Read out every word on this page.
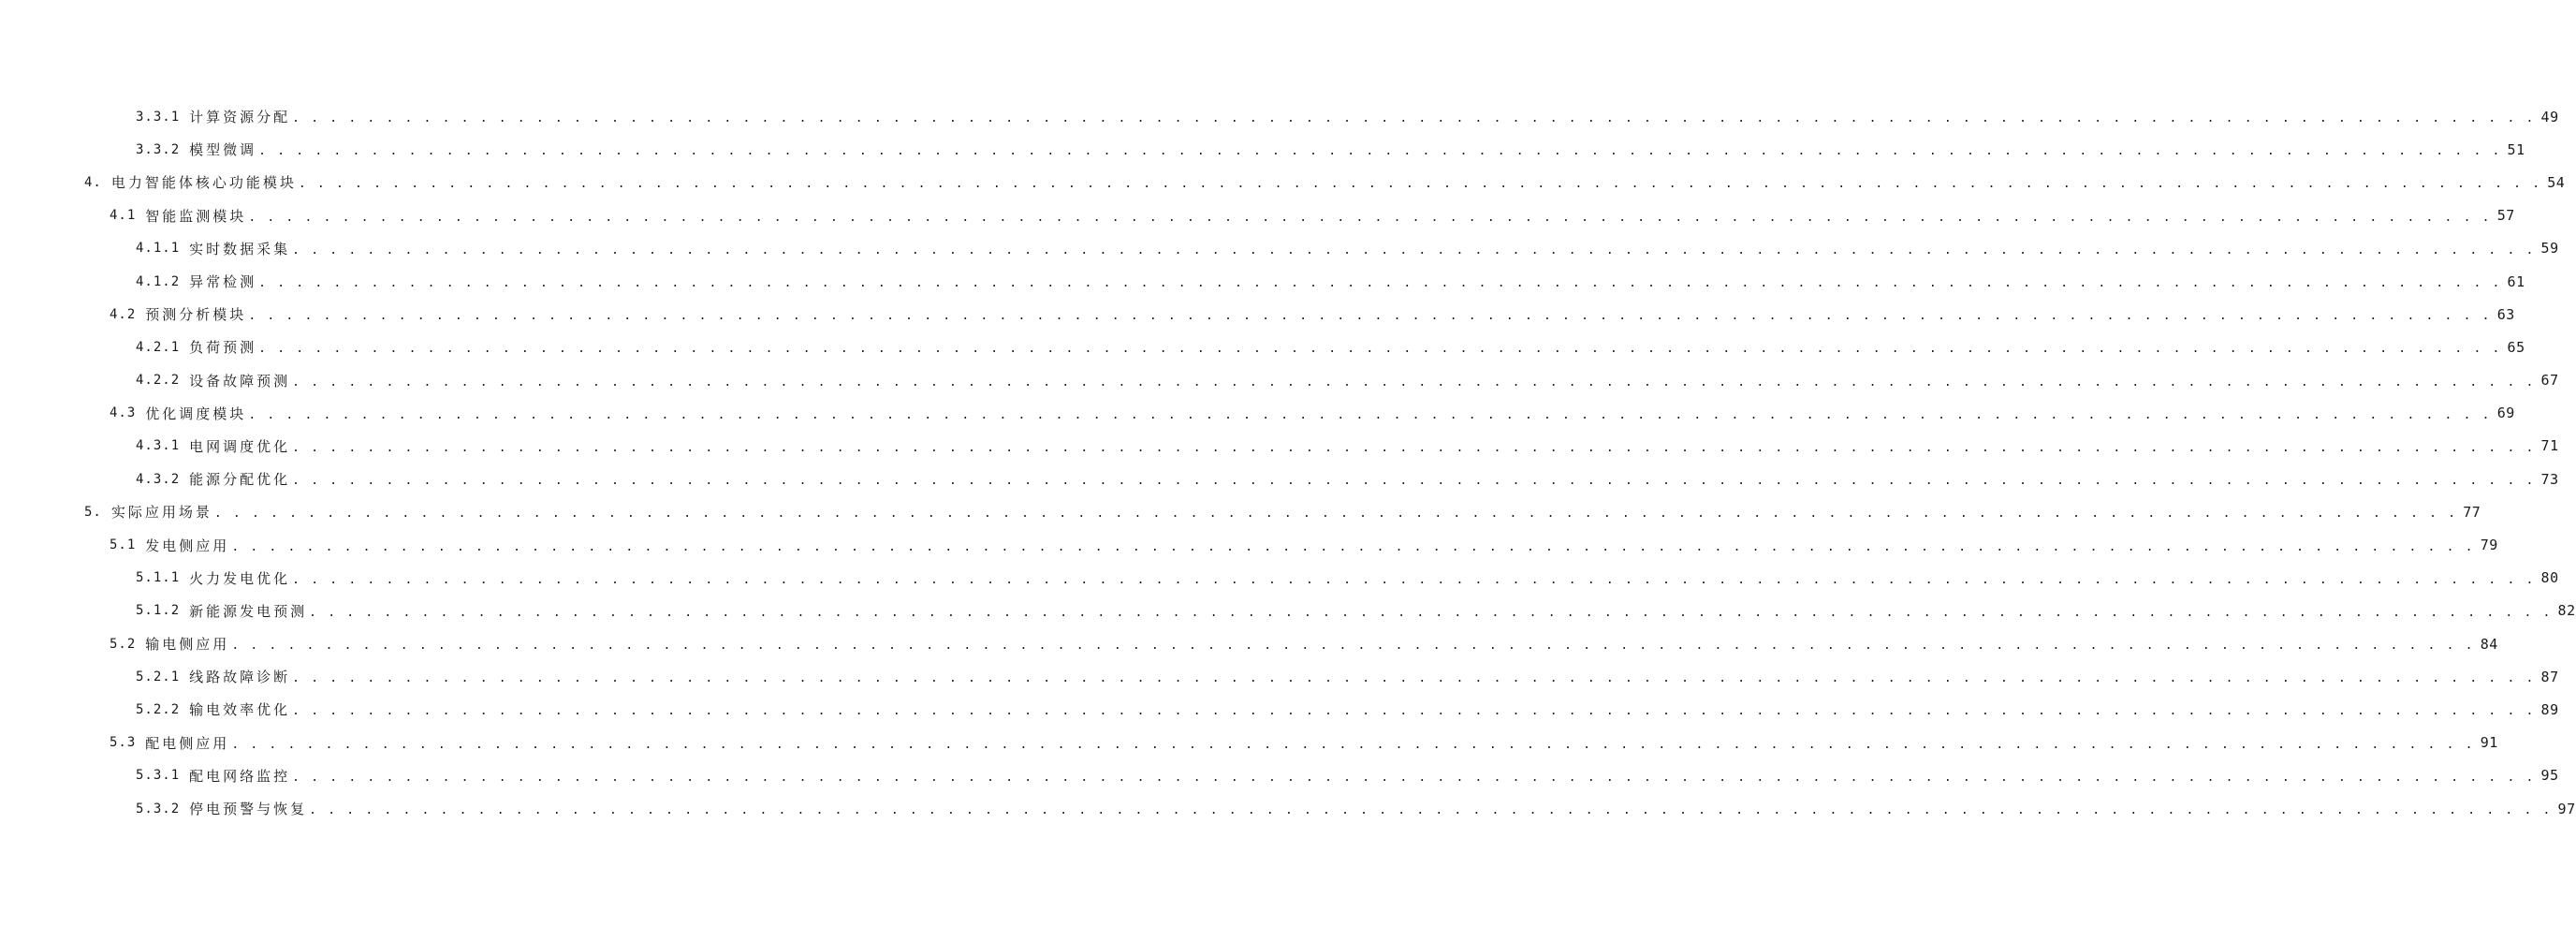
3.3.1 计算资源分配 . . . . . . . . . . . . . . . . . . . . . . . . . . . . . . . . . . . . . . . . . . . . . . . . . . . . . . . . . . . . . . . . . . . . . . . . . . . . . . . . . . . . . . . . . . . . . . . . . . . . . . . . . . . . . . . . . . . . . . . . 49
3.3.2 模型微调 . . . . . . . . . . . . . . . . . . . . . . . . . . . . . . . . . . . . . . . . . . . . . . . . . . . . . . . . . . . . . . . . . . . . . . . . . . . . . . . . . . . . . . . . . . . . . . . . . . . . . . . . . . . . . . . . . . . . . . . . 51
4. 电力智能体核心功能模块 . . . . . . . . . . . . . . . . . . . . . . . . . . . . . . . . . . . . . . . . . . . . . . . . . . . . . . . . . . . . . . . . . . . . . . . . . . . . . . . . . . . . . . . . . . . . . . . . . . . . . . . . . . . . . . . . . . . . . . . . 54
4.1 智能监测模块 . . . . . . . . . . . . . . . . . . . . . . . . . . . . . . . . . . . . . . . . . . . . . . . . . . . . . . . . . . . . . . . . . . . . . . . . . . . . . . . . . . . . . . . . . . . . . . . . . . . . . . . . . . . . . . . . . . . . . . . . 57
4.1.1 实时数据采集 . . . . . . . . . . . . . . . . . . . . . . . . . . . . . . . . . . . . . . . . . . . . . . . . . . . . . . . . . . . . . . . . . . . . . . . . . . . . . . . . . . . . . . . . . . . . . . . . . . . . . . . . . . . . . . . . . . . . . . . . 59
4.1.2 异常检测 . . . . . . . . . . . . . . . . . . . . . . . . . . . . . . . . . . . . . . . . . . . . . . . . . . . . . . . . . . . . . . . . . . . . . . . . . . . . . . . . . . . . . . . . . . . . . . . . . . . . . . . . . . . . . . . . . . . . . . . . 61
4.2 预测分析模块 . . . . . . . . . . . . . . . . . . . . . . . . . . . . . . . . . . . . . . . . . . . . . . . . . . . . . . . . . . . . . . . . . . . . . . . . . . . . . . . . . . . . . . . . . . . . . . . . . . . . . . . . . . . . . . . . . . . . . . . . 63
4.2.1 负荷预测 . . . . . . . . . . . . . . . . . . . . . . . . . . . . . . . . . . . . . . . . . . . . . . . . . . . . . . . . . . . . . . . . . . . . . . . . . . . . . . . . . . . . . . . . . . . . . . . . . . . . . . . . . . . . . . . . . . . . . . . . 65
4.2.2 设备故障预测 . . . . . . . . . . . . . . . . . . . . . . . . . . . . . . . . . . . . . . . . . . . . . . . . . . . . . . . . . . . . . . . . . . . . . . . . . . . . . . . . . . . . . . . . . . . . . . . . . . . . . . . . . . . . . . . . . . . . . . . . 67
4.3 优化调度模块 . . . . . . . . . . . . . . . . . . . . . . . . . . . . . . . . . . . . . . . . . . . . . . . . . . . . . . . . . . . . . . . . . . . . . . . . . . . . . . . . . . . . . . . . . . . . . . . . . . . . . . . . . . . . . . . . . . . . . . . . 69
4.3.1 电网调度优化 . . . . . . . . . . . . . . . . . . . . . . . . . . . . . . . . . . . . . . . . . . . . . . . . . . . . . . . . . . . . . . . . . . . . . . . . . . . . . . . . . . . . . . . . . . . . . . . . . . . . . . . . . . . . . . . . . . . . . . . . 71
4.3.2 能源分配优化 . . . . . . . . . . . . . . . . . . . . . . . . . . . . . . . . . . . . . . . . . . . . . . . . . . . . . . . . . . . . . . . . . . . . . . . . . . . . . . . . . . . . . . . . . . . . . . . . . . . . . . . . . . . . . . . . . . . . . . . . 73
5. 实际应用场景 . . . . . . . . . . . . . . . . . . . . . . . . . . . . . . . . . . . . . . . . . . . . . . . . . . . . . . . . . . . . . . . . . . . . . . . . . . . . . . . . . . . . . . . . . . . . . . . . . . . . . . . . . . . . . . . . . . . . . . . . 77
5.1 发电侧应用 . . . . . . . . . . . . . . . . . . . . . . . . . . . . . . . . . . . . . . . . . . . . . . . . . . . . . . . . . . . . . . . . . . . . . . . . . . . . . . . . . . . . . . . . . . . . . . . . . . . . . . . . . . . . . . . . . . . . . . . . 79
5.1.1 火力发电优化 . . . . . . . . . . . . . . . . . . . . . . . . . . . . . . . . . . . . . . . . . . . . . . . . . . . . . . . . . . . . . . . . . . . . . . . . . . . . . . . . . . . . . . . . . . . . . . . . . . . . . . . . . . . . . . . . . . . . . . . . 80
5.1.2 新能源发电预测 . . . . . . . . . . . . . . . . . . . . . . . . . . . . . . . . . . . . . . . . . . . . . . . . . . . . . . . . . . . . . . . . . . . . . . . . . . . . . . . . . . . . . . . . . . . . . . . . . . . . . . . . . . . . . . . . . . . . . . . . 82
5.2 输电侧应用 . . . . . . . . . . . . . . . . . . . . . . . . . . . . . . . . . . . . . . . . . . . . . . . . . . . . . . . . . . . . . . . . . . . . . . . . . . . . . . . . . . . . . . . . . . . . . . . . . . . . . . . . . . . . . . . . . . . . . . . . 84
5.2.1 线路故障诊断 . . . . . . . . . . . . . . . . . . . . . . . . . . . . . . . . . . . . . . . . . . . . . . . . . . . . . . . . . . . . . . . . . . . . . . . . . . . . . . . . . . . . . . . . . . . . . . . . . . . . . . . . . . . . . . . . . . . . . . . . 87
5.2.2 输电效率优化 . . . . . . . . . . . . . . . . . . . . . . . . . . . . . . . . . . . . . . . . . . . . . . . . . . . . . . . . . . . . . . . . . . . . . . . . . . . . . . . . . . . . . . . . . . . . . . . . . . . . . . . . . . . . . . . . . . . . . . . . 89
5.3 配电侧应用 . . . . . . . . . . . . . . . . . . . . . . . . . . . . . . . . . . . . . . . . . . . . . . . . . . . . . . . . . . . . . . . . . . . . . . . . . . . . . . . . . . . . . . . . . . . . . . . . . . . . . . . . . . . . . . . . . . . . . . . . 91
5.3.1 配电网络监控 . . . . . . . . . . . . . . . . . . . . . . . . . . . . . . . . . . . . . . . . . . . . . . . . . . . . . . . . . . . . . . . . . . . . . . . . . . . . . . . . . . . . . . . . . . . . . . . . . . . . . . . . . . . . . . . . . . . . . . . . 95
5.3.2 停电预警与恢复 . . . . . . . . . . . . . . . . . . . . . . . . . . . . . . . . . . . . . . . . . . . . . . . . . . . . . . . . . . . . . . . . . . . . . . . . . . . . . . . . . . . . . . . . . . . . . . . . . . . . . . . . . . . . . . . . . . . . . . . . 97
